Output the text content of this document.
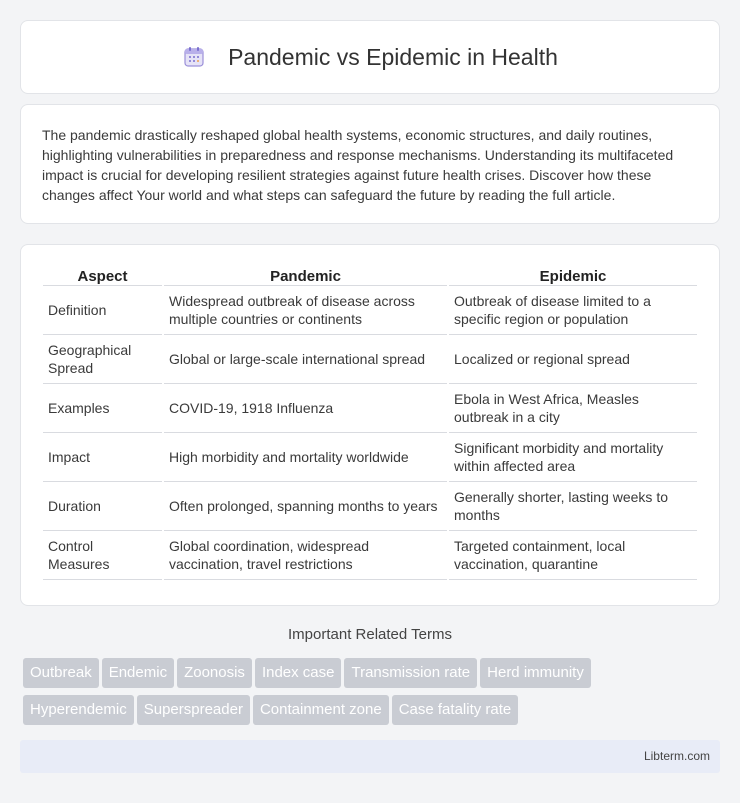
Pandemic vs Epidemic in Health

The pandemic drastically reshaped global health systems, economic structures, and daily routines, highlighting vulnerabilities in preparedness and response mechanisms. Understanding its multifaceted impact is crucial for developing resilient strategies against future health crises. Discover how these changes affect Your world and what steps can safeguard the future by reading the full article.

Aspect	Pandemic	Epidemic
Definition	Widespread outbreak of disease across multiple countries or continents	Outbreak of disease limited to a specific region or population
Geographical Spread	Global or large-scale international spread	Localized or regional spread
Examples	COVID-19, 1918 Influenza	Ebola in West Africa, Measles outbreak in a city
Impact	High morbidity and mortality worldwide	Significant morbidity and mortality within affected area
Duration	Often prolonged, spanning months to years	Generally shorter, lasting weeks to months
Control Measures	Global coordination, widespread vaccination, travel restrictions	Targeted containment, local vaccination, quarantine
Important Related Terms
Outbreak Endemic Zoonosis Index case Transmission rate Herd immunity
Hyperendemic Superspreader Containment zone Case fatality rate
Libterm.com
